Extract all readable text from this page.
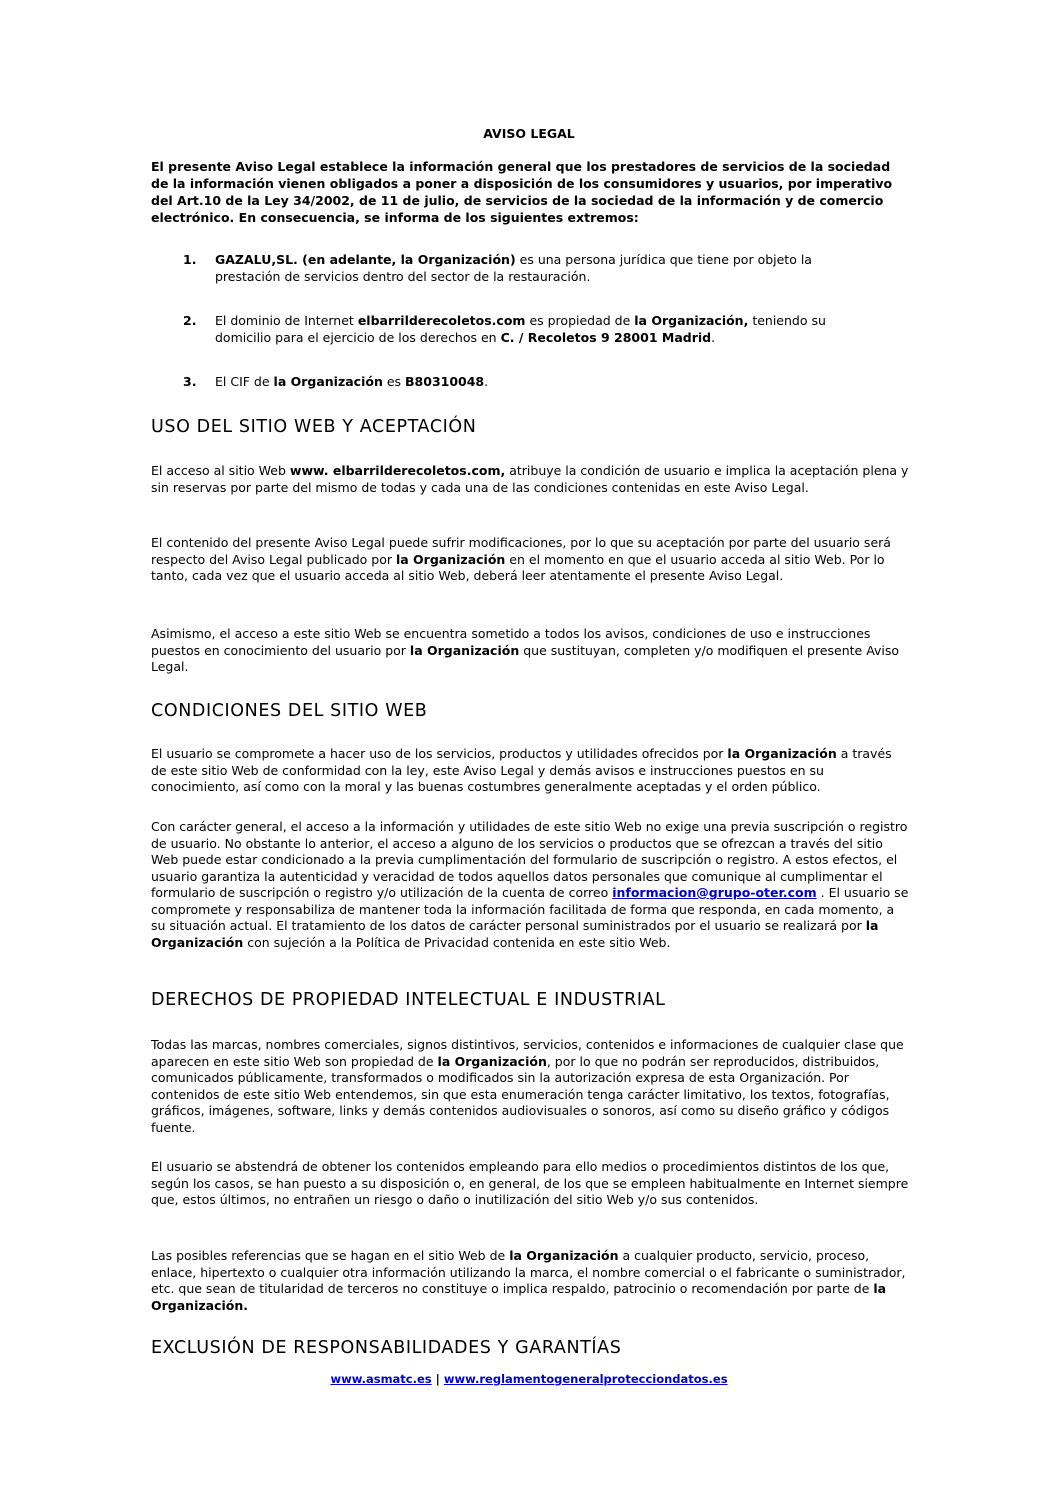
AVISO LEGAL

El presente Aviso Legal establece la información general que los prestadores de servicios de la sociedad de la información vienen obligados a poner a disposición de los consumidores y usuarios, por imperativo del Art.10 de la Ley 34/2002, de 11 de julio, de servicios de la sociedad de la información y de comercio electrónico. En consecuencia, se informa de los siguientes extremos:

1. GAZALU,SL. (en adelante, la Organización) es una persona jurídica que tiene por objeto la prestación de servicios dentro del sector de la restauración.
2. El dominio de Internet elbarrilderecoletos.com es propiedad de la Organización, teniendo su domicilio para el ejercicio de los derechos en C. / Recoletos 9 28001 Madrid.
3. El CIF de la Organización es B80310048.
USO DEL SITIO WEB Y ACEPTACIÓN

El acceso al sitio Web www. elbarrilderecoletos.com, atribuye la condición de usuario e implica la aceptación plena y sin reservas por parte del mismo de todas y cada una de las condiciones contenidas en este Aviso Legal.

El contenido del presente Aviso Legal puede sufrir modificaciones, por lo que su aceptación por parte del usuario será respecto del Aviso Legal publicado por la Organización en el momento en que el usuario acceda al sitio Web. Por lo tanto, cada vez que el usuario acceda al sitio Web, deberá leer atentamente el presente Aviso Legal.

Asimismo, el acceso a este sitio Web se encuentra sometido a todos los avisos, condiciones de uso e instrucciones puestos en conocimiento del usuario por la Organización que sustituyan, completen y/o modifiquen el presente Aviso Legal.

CONDICIONES DEL SITIO WEB

El usuario se compromete a hacer uso de los servicios, productos y utilidades ofrecidos por la Organización a través de este sitio Web de conformidad con la ley, este Aviso Legal y demás avisos e instrucciones puestos en su conocimiento, así como con la moral y las buenas costumbres generalmente aceptadas y el orden público.

Con carácter general, el acceso a la información y utilidades de este sitio Web no exige una previa suscripción o registro de usuario. No obstante lo anterior, el acceso a alguno de los servicios o productos que se ofrezcan a través del sitio Web puede estar condicionado a la previa cumplimentación del formulario de suscripción o registro. A estos efectos, el usuario garantiza la autenticidad y veracidad de todos aquellos datos personales que comunique al cumplimentar el formulario de suscripción o registro y/o utilización de la cuenta de correo informacion@grupo-oter.com . El usuario se compromete y responsabiliza de mantener toda la información facilitada de forma que responda, en cada momento, a su situación actual. El tratamiento de los datos de carácter personal suministrados por el usuario se realizará por la Organización con sujeción a la Política de Privacidad contenida en este sitio Web.

DERECHOS DE PROPIEDAD INTELECTUAL E INDUSTRIAL

Todas las marcas, nombres comerciales, signos distintivos, servicios, contenidos e informaciones de cualquier clase que aparecen en este sitio Web son propiedad de la Organización, por lo que no podrán ser reproducidos, distribuidos, comunicados públicamente, transformados o modificados sin la autorización expresa de esta Organización. Por contenidos de este sitio Web entendemos, sin que esta enumeración tenga carácter limitativo, los textos, fotografías, gráficos, imágenes, software, links y demás contenidos audiovisuales o sonoros, así como su diseño gráfico y códigos fuente.

El usuario se abstendrá de obtener los contenidos empleando para ello medios o procedimientos distintos de los que, según los casos, se han puesto a su disposición o, en general, de los que se empleen habitualmente en Internet siempre que, estos últimos, no entrañen un riesgo o daño o inutilización del sitio Web y/o sus contenidos.

Las posibles referencias que se hagan en el sitio Web de la Organización a cualquier producto, servicio, proceso, enlace, hipertexto o cualquier otra información utilizando la marca, el nombre comercial o el fabricante o suministrador, etc. que sean de titularidad de terceros no constituye o implica respaldo, patrocinio o recomendación por parte de la Organización.

EXCLUSIÓN DE RESPONSABILIDADES Y GARANTÍAS
www.asmatc.es | www.reglamentogeneralprotecciondatos.es
